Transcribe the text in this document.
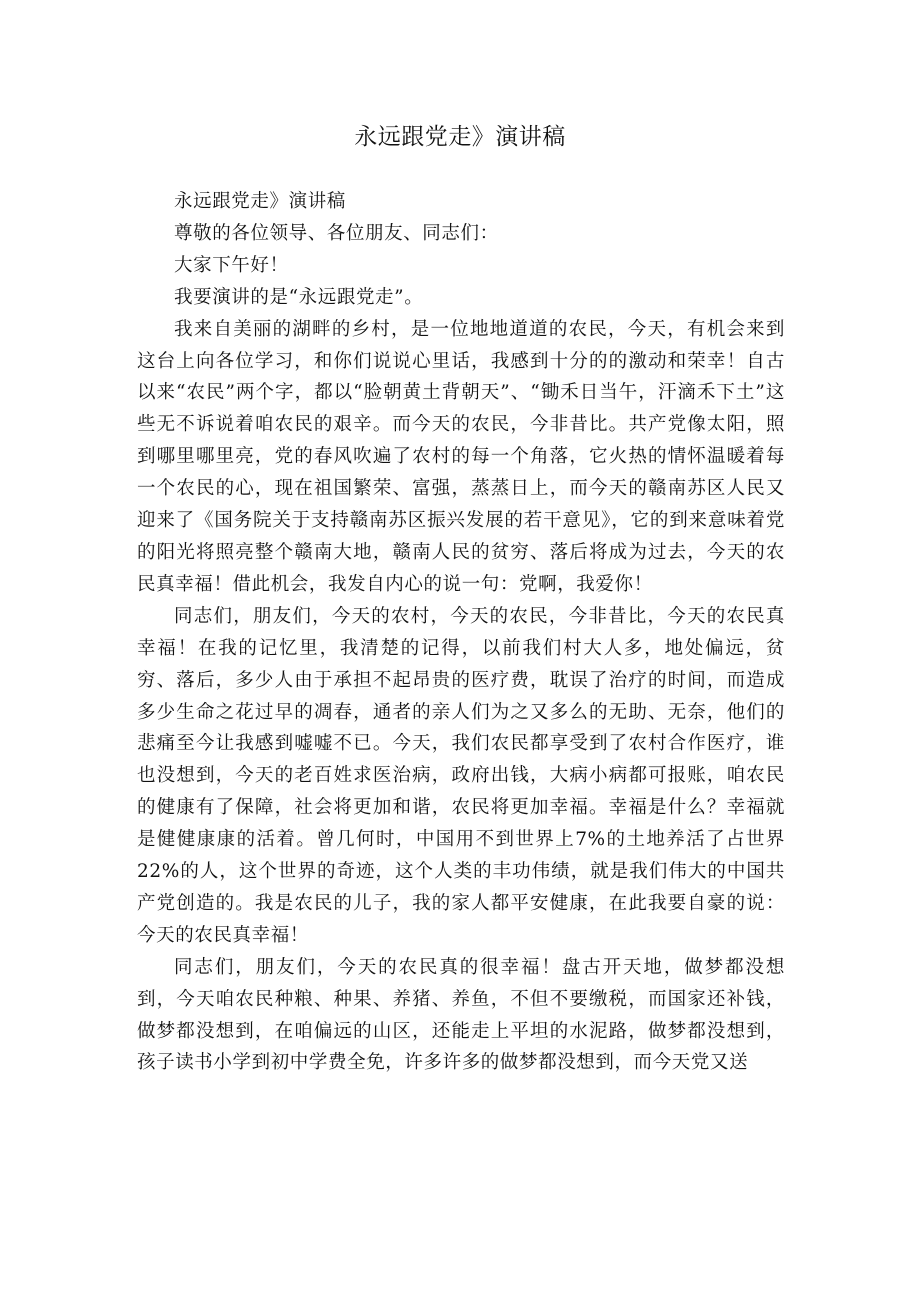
永远跟党走》演讲稿

永远跟党走》演讲稿

尊敬的各位领导、各位朋友、同志们：

大家下午好！

我要演讲的是“永远跟党走”。

我来自美丽的湖畔的乡村，是一位地地道道的农民，今天，有机会来到这台上向各位学习，和你们说说心里话，我感到十分的的激动和荣幸！自古以来“农民”两个字，都以“脸朝黄土背朝天”、“锄禾日当午，汗滴禾下土”这些无不诉说着咱农民的艰辛。而今天的农民，今非昔比。共产党像太阳，照到哪里哪里亮，党的春风吹遍了农村的每一个角落，它火热的情怀温暖着每一个农民的心，现在祖国繁荣、富强，蒸蒸日上，而今天的赣南苏区人民又迎来了《国务院关于支持赣南苏区振兴发展的若干意见》，它的到来意味着党的阳光将照亮整个赣南大地，赣南人民的贫穷、落后将成为过去，今天的农民真幸福！借此机会，我发自内心的说一句：党啊，我爱你！

同志们，朋友们，今天的农村，今天的农民，今非昔比，今天的农民真幸福！在我的记忆里，我清楚的记得，以前我们村大人多，地处偏远，贫穷、落后，多少人由于承担不起昂贵的医疗费，耽误了治疗的时间，而造成多少生命之花过早的凋春，通者的亲人们为之又多么的无助、无奈，他们的悲痛至今让我感到嘘嘘不已。今天，我们农民都享受到了农村合作医疗，谁也没想到，今天的老百姓求医治病，政府出钱，大病小病都可报账，咱农民的健康有了保障，社会将更加和谐，农民将更加幸福。幸福是什么？幸福就是健健康康的活着。曾几何时，中国用不到世界上7%的土地养活了占世界22%的人，这个世界的奇迹，这个人类的丰功伟绩，就是我们伟大的中国共产党创造的。我是农民的儿子，我的家人都平安健康，在此我要自豪的说：今天的农民真幸福！

同志们，朋友们，今天的农民真的很幸福！盘古开天地，做梦都没想到，今天咱农民种粮、种果、养猪、养鱼，不但不要缴税，而国家还补钱，做梦都没想到，在咱偏远的山区，还能走上平坦的水泥路，做梦都没想到，孩子读书小学到初中学费全免，许多许多的做梦都没想到，而今天党又送
